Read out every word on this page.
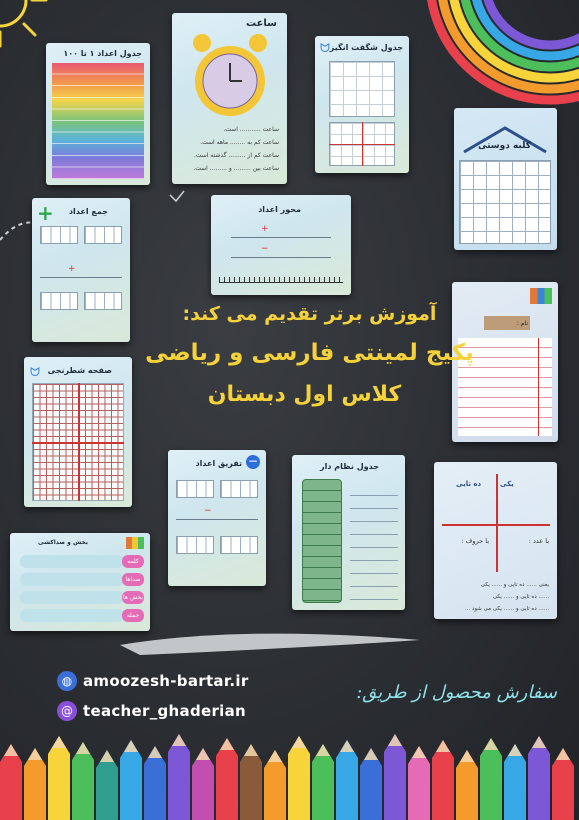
جدول اعداد ۱ تا ۱۰۰
ساعت
ساعت ........... است.
ساعت کم به ........ ماهه است.
ساعت کم از ......... گذشته است.
ساعت بین ......... و ......... است.
جدول شگفت انگیز
ᗢ
کلبه دوستی
+ جمع اعداد
+
محور اعداد
+
−
ᗢ صفحه شطرنجی
نام :
−
تفریق اعداد
−
جدول نظام دار
یکی
ده تایی
با حروف :	با عدد :
یعنی ...... ده تایی و ...... یکی
...... ده تایی و ...... یکی
...... ده تایی و ...... یکی می شود ...
بخش و صداکشی
کلمه
صداها
بخش ها
جمله
آموزش برتر تقدیم می کند:
پکیج لمینتی فارسی و ریاضی
کلاس اول دبستان
◍ amoozesh-bartar.ir
@ teacher_ghaderian
سفارش محصول از طریق:
